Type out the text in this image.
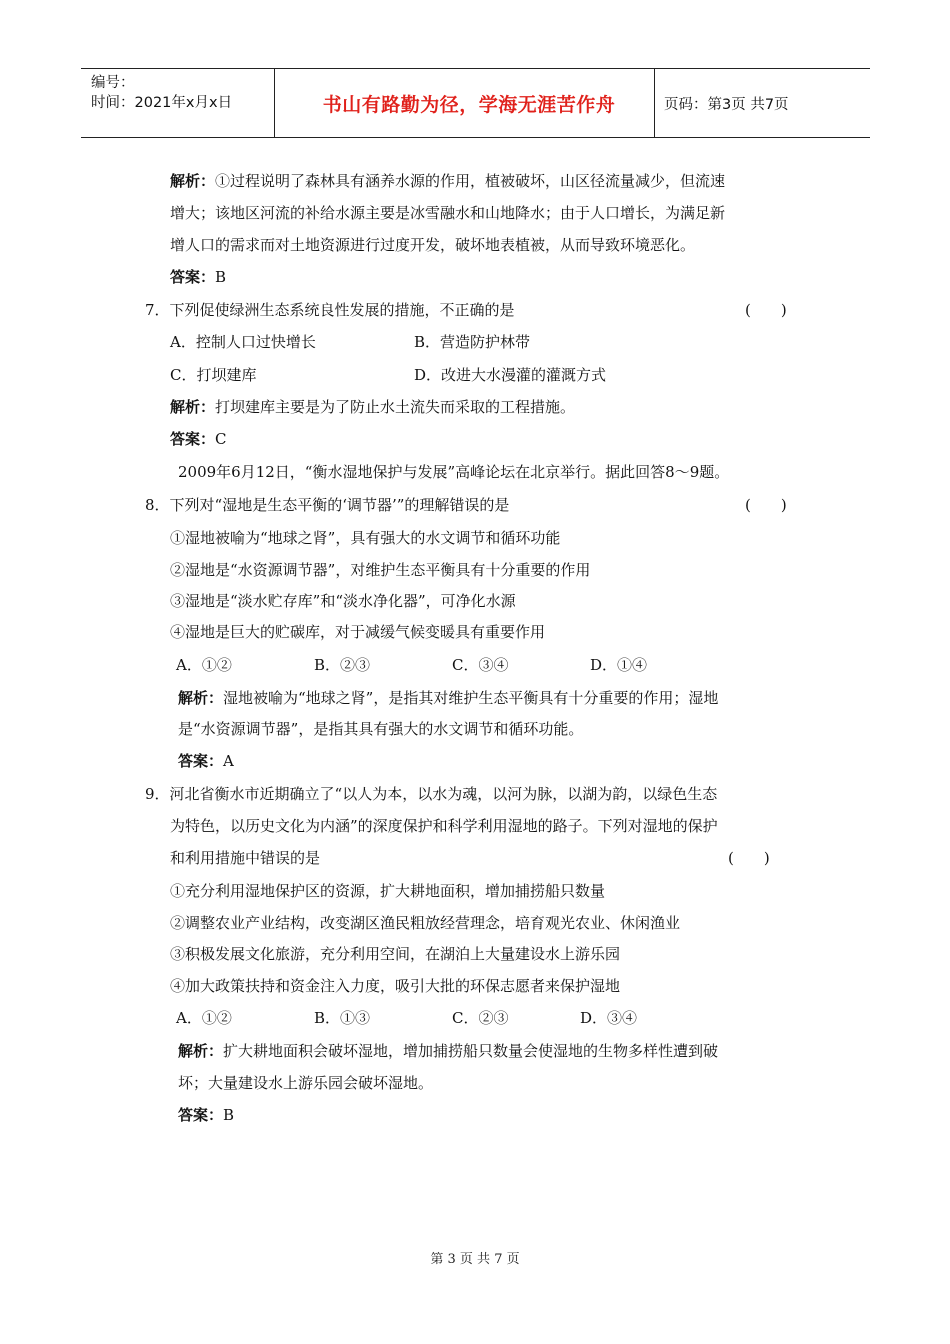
编号：
时间：2021年x月x日	书山有路勤为径，学海无涯苦作舟	页码：第3页 共7页
解析：①过程说明了森林具有涵养水源的作用，植被破坏，山区径流量减少，但流速
增大；该地区河流的补给水源主要是冰雪融水和山地降水；由于人口增长，为满足新
增人口的需求而对土地资源进行过度开发，破坏地表植被，从而导致环境恶化。
答案：B
7．下列促使绿洲生态系统良性发展的措施，不正确的是	(　　)
A．控制人口过快增长	B．营造防护林带
C．打坝建库	D．改进大水漫灌的灌溉方式
解析：打坝建库主要是为了防止水土流失而采取的工程措施。
答案：C
2009年6月12日，“衡水湿地保护与发展”高峰论坛在北京举行。据此回答8～9题。
8．下列对“湿地是生态平衡的‘调节器’”的理解错误的是	(　　)
①湿地被喻为“地球之肾”，具有强大的水文调节和循环功能
②湿地是“水资源调节器”，对维护生态平衡具有十分重要的作用
③湿地是“淡水贮存库”和“淡水净化器”，可净化水源
④湿地是巨大的贮碳库，对于减缓气候变暖具有重要作用
A．①②	B．②③	C．③④	D．①④
解析：湿地被喻为“地球之肾”，是指其对维护生态平衡具有十分重要的作用；湿地
是“水资源调节器”，是指其具有强大的水文调节和循环功能。
答案：A
9．河北省衡水市近期确立了“以人为本，以水为魂，以河为脉，以湖为韵，以绿色生态
为特色，以历史文化为内涵”的深度保护和科学利用湿地的路子。下列对湿地的保护
和利用措施中错误的是	(　　)
①充分利用湿地保护区的资源，扩大耕地面积，增加捕捞船只数量
②调整农业产业结构，改变湖区渔民粗放经营理念，培育观光农业、休闲渔业
③积极发展文化旅游，充分利用空间，在湖泊上大量建设水上游乐园
④加大政策扶持和资金注入力度，吸引大批的环保志愿者来保护湿地
A．①②	B．①③	C．②③	D．③④
解析：扩大耕地面积会破坏湿地，增加捕捞船只数量会使湿地的生物多样性遭到破
坏；大量建设水上游乐园会破坏湿地。
答案：B
第 3 页 共 7 页
